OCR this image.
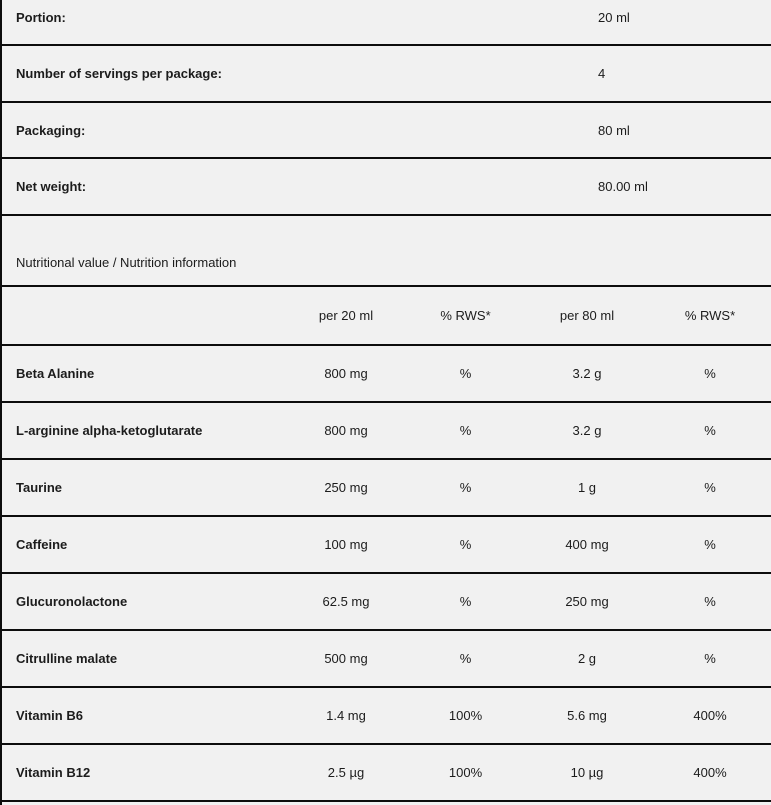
Portion:	20 ml
Number of servings per package:	4
Packaging:	80 ml
Net weight:	80.00 ml
Nutritional value / Nutrition information
per 20 ml	% RWS*	per 80 ml	% RWS*
Beta Alanine	800 mg	%	3.2 g	%
L-arginine alpha-ketoglutarate	800 mg	%	3.2 g	%
Taurine	250 mg	%	1 g	%
Caffeine	100 mg	%	400 mg	%
Glucuronolactone	62.5 mg	%	250 mg	%
Citrulline malate	500 mg	%	2 g	%
Vitamin B6	1.4 mg	100%	5.6 mg	400%
Vitamin B12	2.5 µg	100%	10 µg	400%
